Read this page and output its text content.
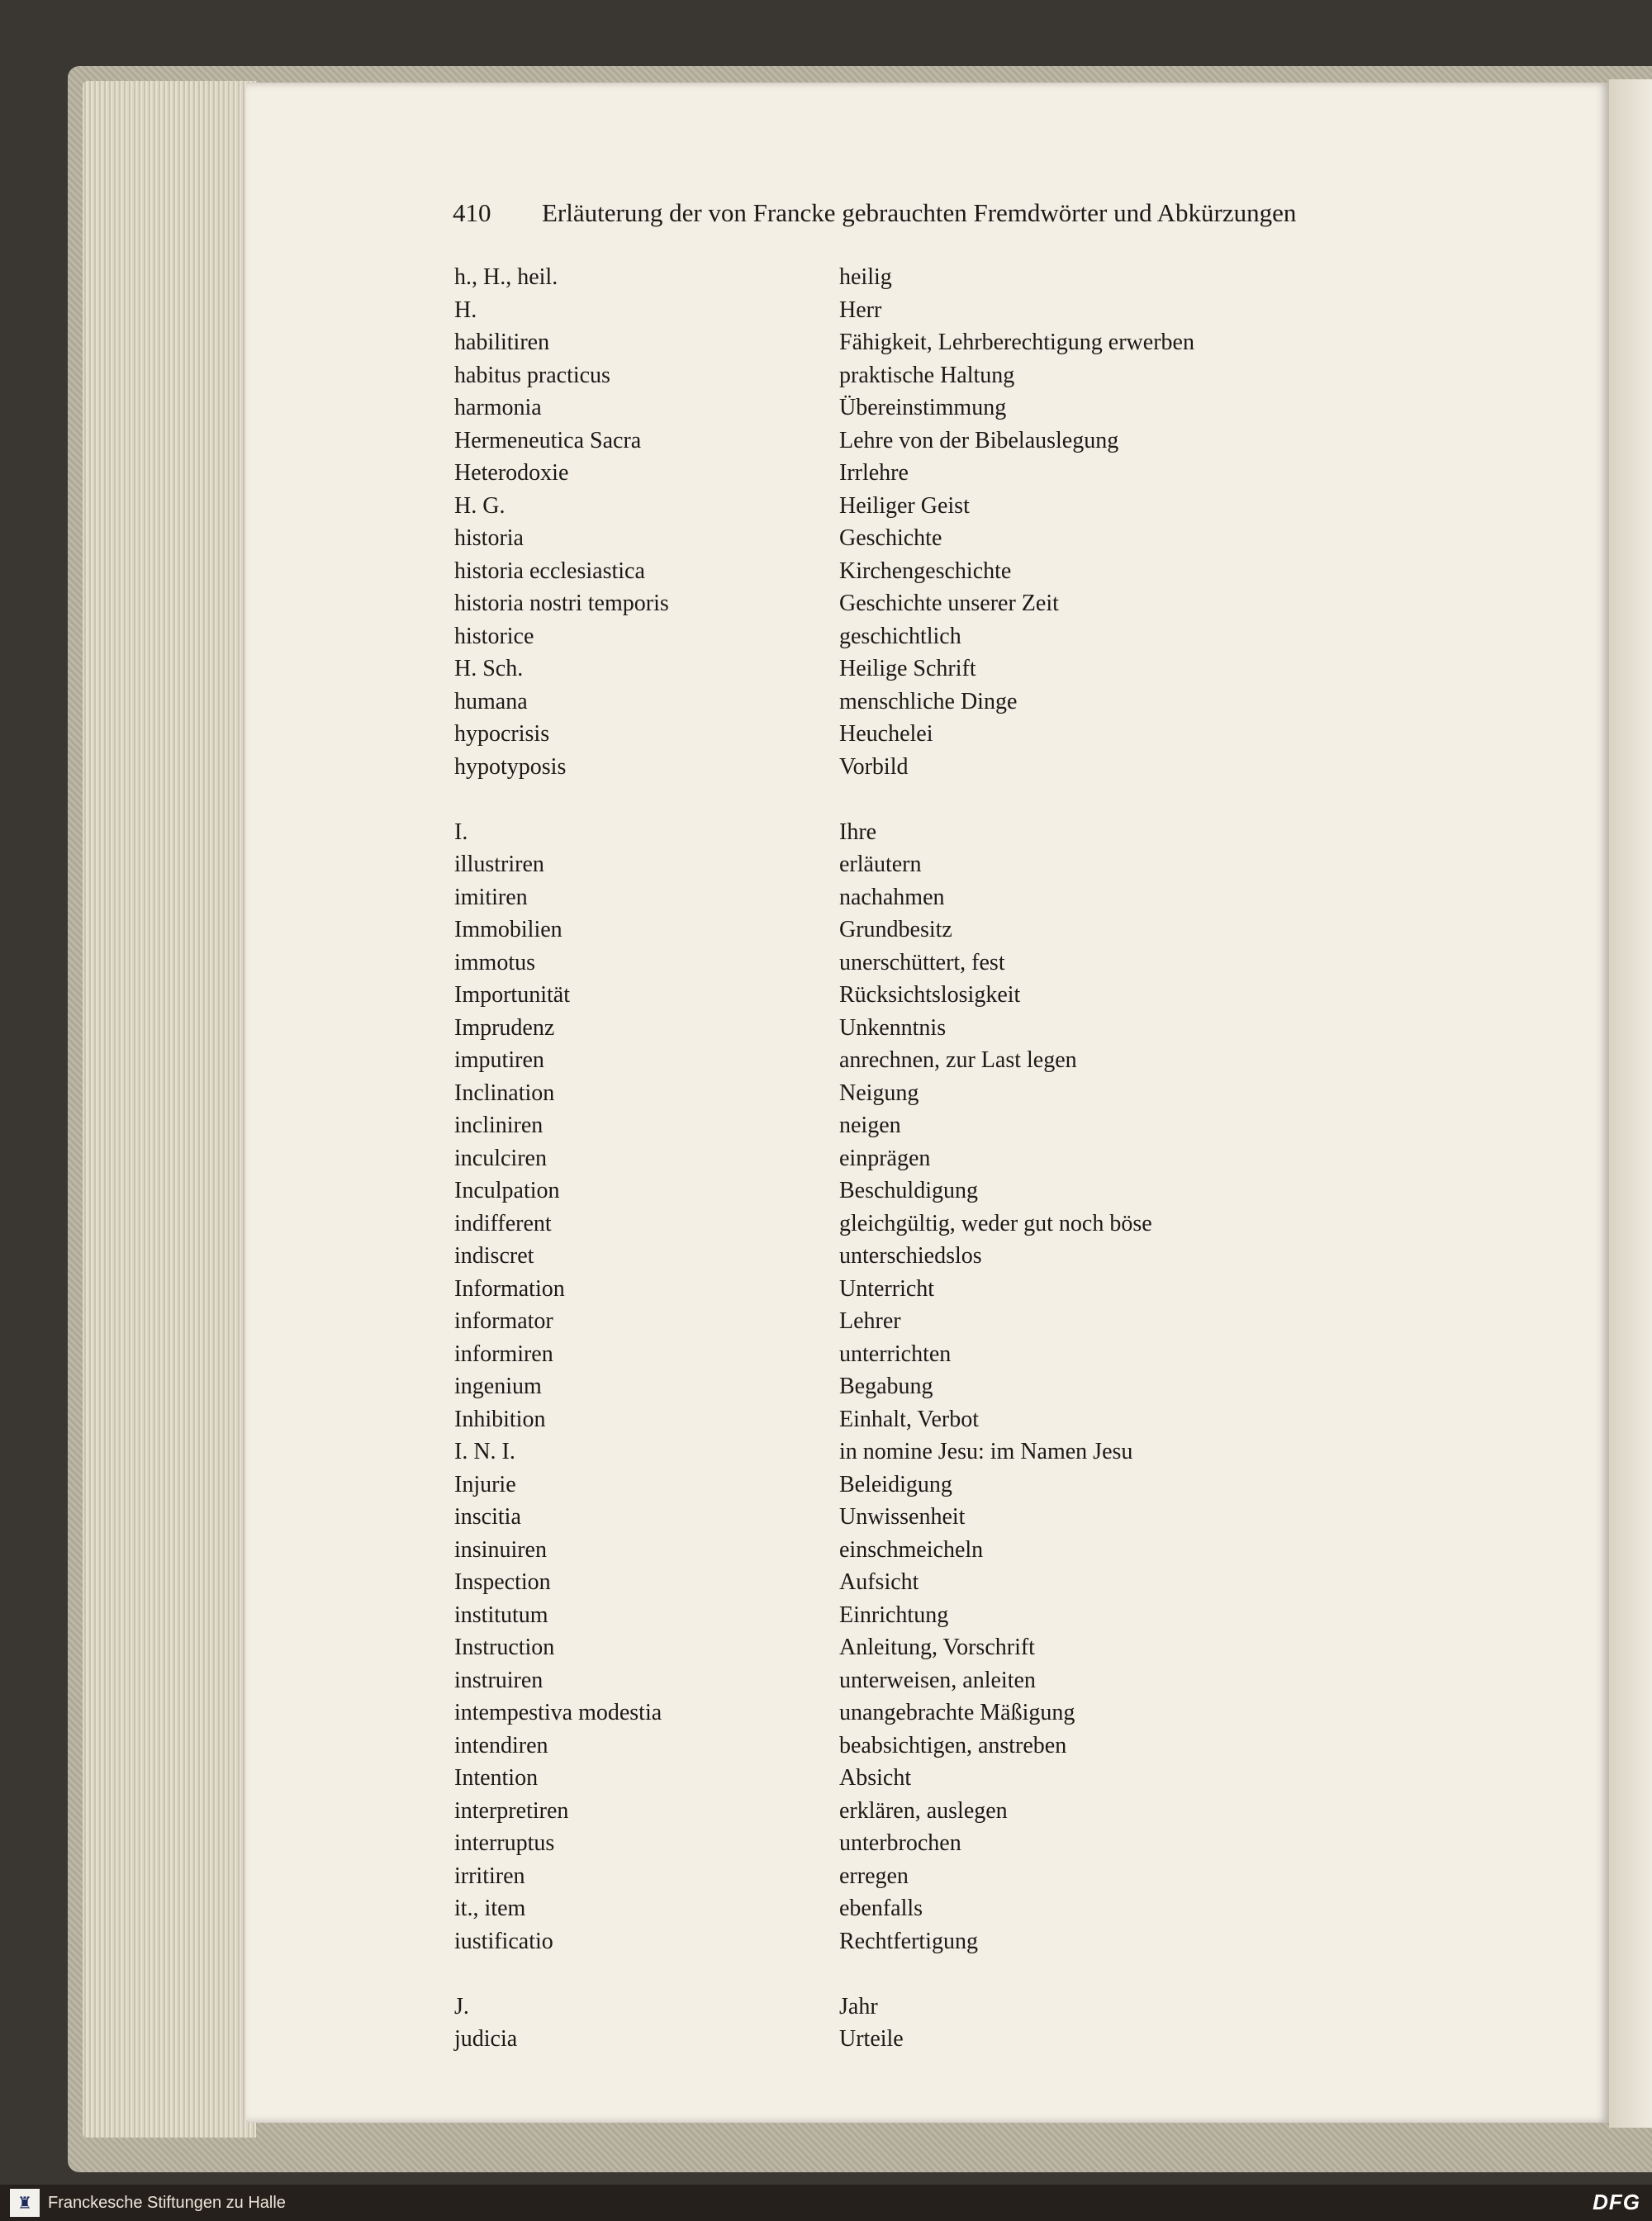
410 Erläuterung der von Francke gebrauchten Fremdwörter und Abkürzungen
h., H., heil.	heilig
H.	Herr
habilitiren	Fähigkeit, Lehrberechtigung erwerben
habitus practicus	praktische Haltung
harmonia	Übereinstimmung
Hermeneutica Sacra	Lehre von der Bibelauslegung
Heterodoxie	Irrlehre
H. G.	Heiliger Geist
historia	Geschichte
historia ecclesiastica	Kirchengeschichte
historia nostri temporis	Geschichte unserer Zeit
historice	geschichtlich
H. Sch.	Heilige Schrift
humana	menschliche Dinge
hypocrisis	Heuchelei
hypotyposis	Vorbild
I.	Ihre
illustriren	erläutern
imitiren	nachahmen
Immobilien	Grundbesitz
immotus	unerschüttert, fest
Importunität	Rücksichtslosigkeit
Imprudenz	Unkenntnis
imputiren	anrechnen, zur Last legen
Inclination	Neigung
incliniren	neigen
inculciren	einprägen
Inculpation	Beschuldigung
indifferent	gleichgültig, weder gut noch böse
indiscret	unterschiedslos
Information	Unterricht
informator	Lehrer
informiren	unterrichten
ingenium	Begabung
Inhibition	Einhalt, Verbot
I. N. I.	in nomine Jesu: im Namen Jesu
Injurie	Beleidigung
inscitia	Unwissenheit
insinuiren	einschmeicheln
Inspection	Aufsicht
institutum	Einrichtung
Instruction	Anleitung, Vorschrift
instruiren	unterweisen, anleiten
intempestiva modestia	unangebrachte Mäßigung
intendiren	beabsichtigen, anstreben
Intention	Absicht
interpretiren	erklären, auslegen
interruptus	unterbrochen
irritiren	erregen
it., item	ebenfalls
iustificatio	Rechtfertigung
J.	Jahr
judicia	Urteile
♜ Franckesche Stiftungen zu Halle	DFG
